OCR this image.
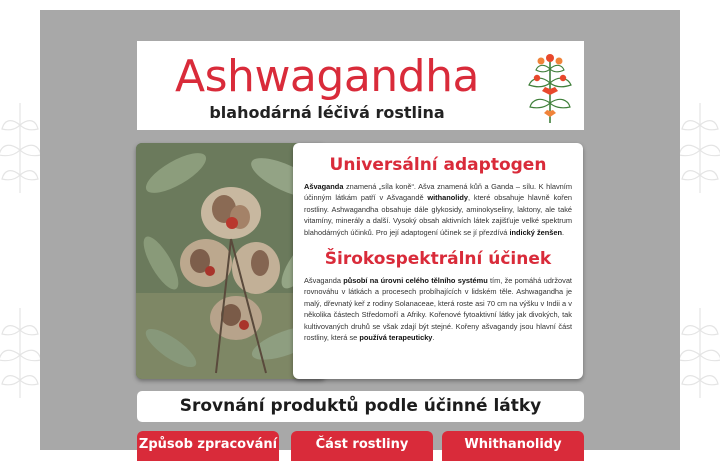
Ashwagandha
blahodárná léčivá rostlina
Universální adaptogen

Ašvaganda znamená „síla koně“. Ašva znamená kůň a Ganda – sílu. K hlavním účinným látkám patří v Ašvagandě withanolidy, které obsahuje hlavně kořen rostliny. Ashwagandha obsahuje dále glykosidy, aminokyseliny, laktony, ale také vitamíny, minerály a další. Vysoký obsah aktivních látek zajišťuje velké spektrum blahodárných účinků. Pro její adaptogení účinek se jí přezdívá indický ženšen.

Širokospektrální účinek

Ašvaganda působí na úrovni celého tělního systému tím, že pomáhá udržovat rovnováhu v látkách a procesech probíhajících v lidském těle. Ashwagandha je malý, dřevnatý keř z rodiny Solanaceae, která roste asi 70 cm na výšku v Indii a v několika částech Středomoří a Afriky. Kořenové fytoaktivní látky jak divokých, tak kultivovaných druhů se však zdají být stejné. Kořeny ašvagandy jsou hlavní část rostliny, která se používá terapeuticky.

Srovnání produktů podle účinné látky
Způsob zpracování	Část rostliny	Whithanolidy
